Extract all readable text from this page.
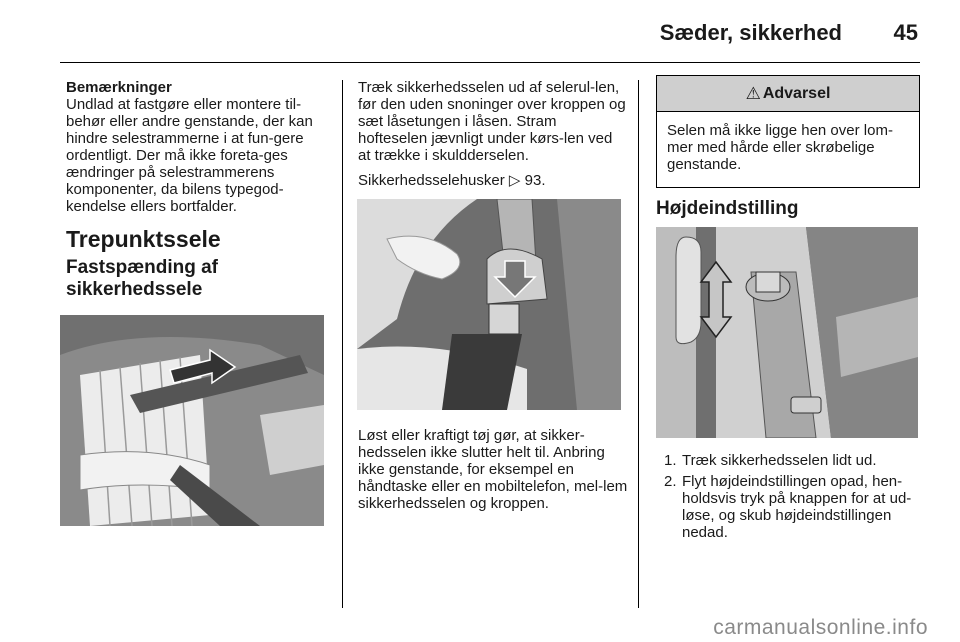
Sæder, sikkerhed 45

Bemærkninger

Undlad at fastgøre eller montere til-behør eller andre genstande, der kan hindre selestrammerne i at fun-gere ordentligt. Der må ikke foreta-ges ændringer på selestrammerens komponenter, da bilens typegod-kendelse ellers bortfalder.

Trepunktssele
Fastspænding af sikkerhedssele

Træk sikkerhedsselen ud af selerul-len, før den uden snoninger over kroppen og sæt låsetungen i låsen. Stram hofteselen jævnligt under kørs-len ved at trække i skuldderselen.

Sikkerhedsselehusker ▷ 93.

Løst eller kraftigt tøj gør, at sikker-hedsselen ikke slutter helt til. Anbring ikke genstande, for eksempel en håndtaske eller en mobiltelefon, mel-lem sikkerhedsselen og kroppen.

⚠ Advarsel
Selen må ikke ligge hen over lom-mer med hårde eller skrøbelige genstande.
Højdeindstilling
1. Træk sikkerhedsselen lidt ud.
2. Flyt højdeindstillingen opad, hen-holdsvis tryk på knappen for at ud-løse, og skub højdeindstillingen nedad.
carmanualsonline.info
